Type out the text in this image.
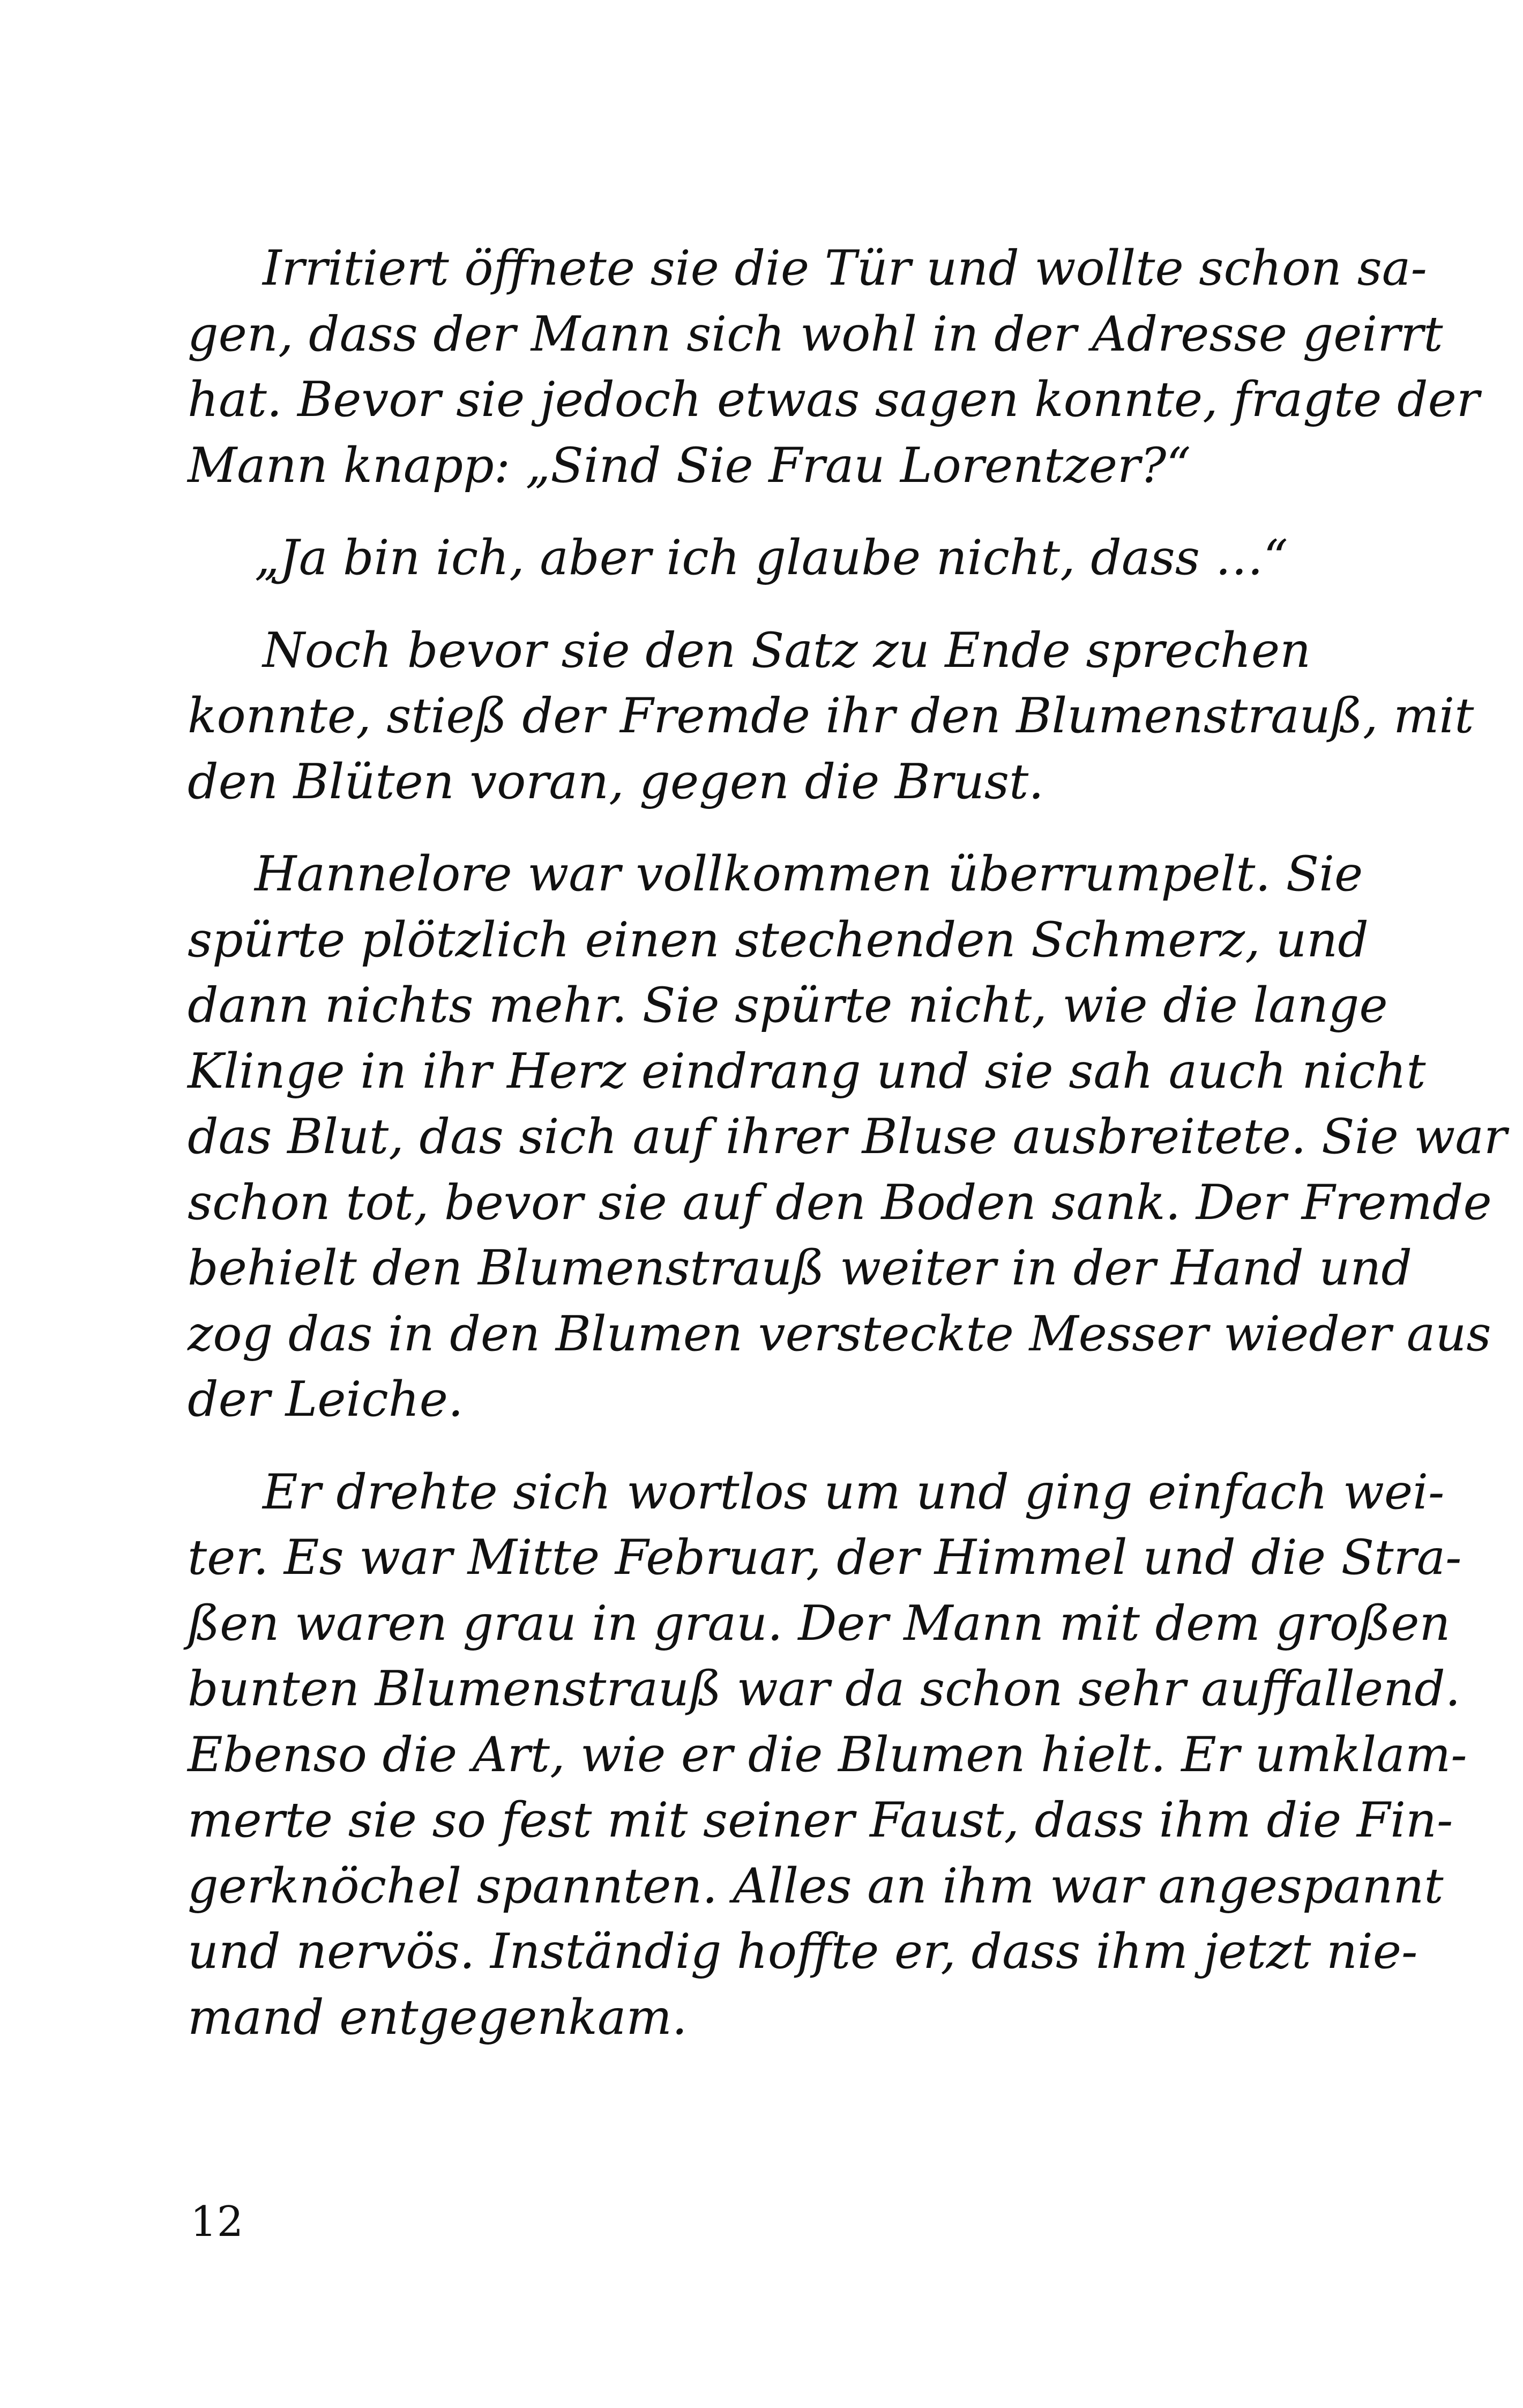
Irritiert öffnete sie die Tür und wollte schon sa-
gen, dass der Mann sich wohl in der Adresse geirrt
hat. Bevor sie jedoch etwas sagen konnte, fragte der
Mann knapp: „Sind Sie Frau Lorentzer?“

„Ja bin ich, aber ich glaube nicht, dass …“

Noch bevor sie den Satz zu Ende sprechen
konnte, stieß der Fremde ihr den Blumenstrauß, mit
den Blüten voran, gegen die Brust.

Hannelore war vollkommen überrumpelt. Sie
spürte plötzlich einen stechenden Schmerz, und
dann nichts mehr. Sie spürte nicht, wie die lange
Klinge in ihr Herz eindrang und sie sah auch nicht
das Blut, das sich auf ihrer Bluse ausbreitete. Sie war
schon tot, bevor sie auf den Boden sank. Der Fremde
behielt den Blumenstrauß weiter in der Hand und
zog das in den Blumen versteckte Messer wieder aus
der Leiche.

Er drehte sich wortlos um und ging einfach wei-
ter. Es war Mitte Februar, der Himmel und die Stra-
ßen waren grau in grau. Der Mann mit dem großen
bunten Blumenstrauß war da schon sehr auffallend.
Ebenso die Art, wie er die Blumen hielt. Er umklam-
merte sie so fest mit seiner Faust, dass ihm die Fin-
gerknöchel spannten. Alles an ihm war angespannt
und nervös. Inständig hoffte er, dass ihm jetzt nie-
mand entgegenkam.

12
